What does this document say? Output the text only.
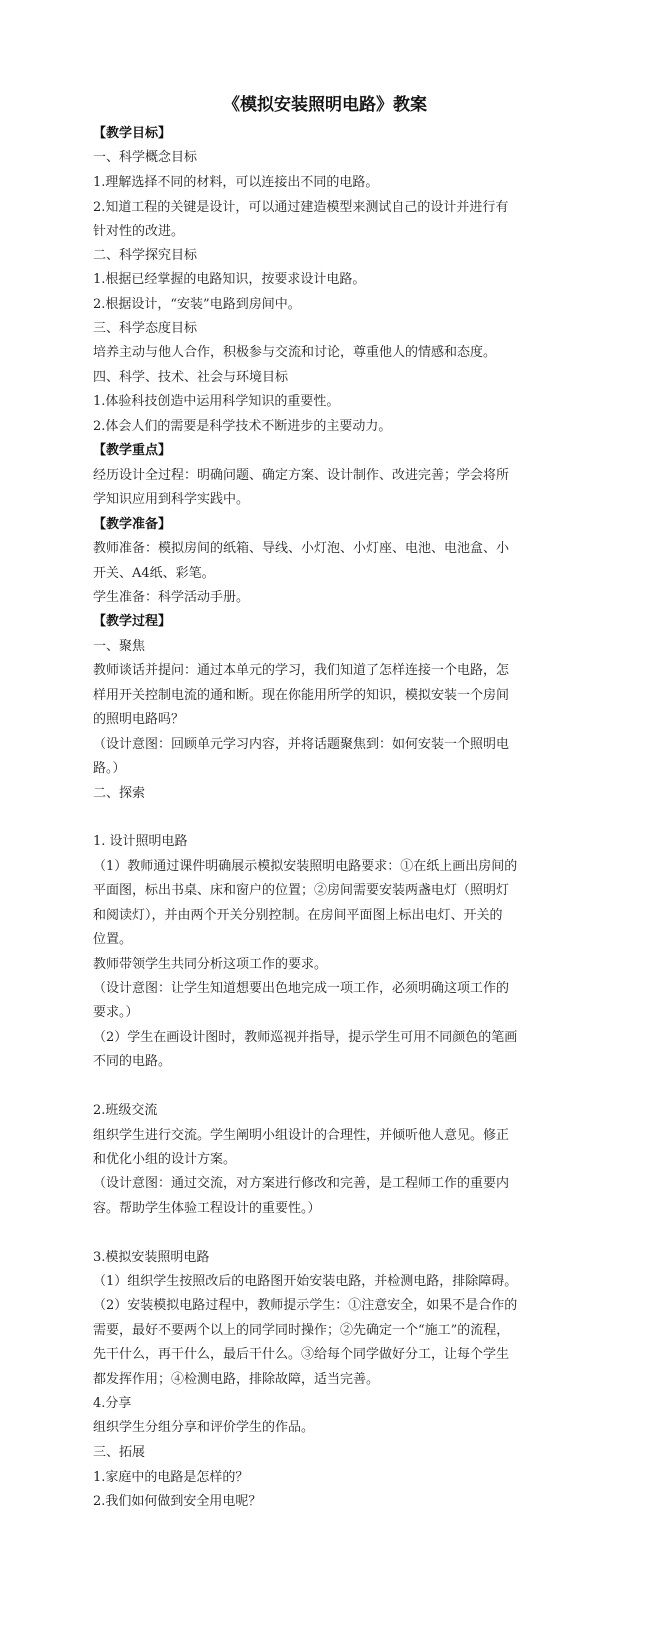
《模拟安装照明电路》教案
【教学目标】
一、科学概念目标
1.理解选择不同的材料，可以连接出不同的电路。
2.知道工程的关键是设计，可以通过建造模型来测试自己的设计并进行有
针对性的改进。
二、科学探究目标
1.根据已经掌握的电路知识，按要求设计电路。
2.根据设计，“安装”电路到房间中。
三、科学态度目标
培养主动与他人合作，积极参与交流和讨论，尊重他人的情感和态度。
四、科学、技术、社会与环境目标
1.体验科技创造中运用科学知识的重要性。
2.体会人们的需要是科学技术不断进步的主要动力。
【教学重点】
经历设计全过程：明确问题、确定方案、设计制作、改进完善；学会将所
学知识应用到科学实践中。
【教学准备】
教师准备：模拟房间的纸箱、导线、小灯泡、小灯座、电池、电池盒、小
开关、A4纸、彩笔。
学生准备：科学活动手册。
【教学过程】
一、聚焦
教师谈话并提问：通过本单元的学习，我们知道了怎样连接一个电路，怎
样用开关控制电流的通和断。现在你能用所学的知识，模拟安装一个房间
的照明电路吗？
（设计意图：回顾单元学习内容，并将话题聚焦到：如何安装一个照明电
路。）
二、探索
1. 设计照明电路
（1）教师通过课件明确展示模拟安装照明电路要求：①在纸上画出房间的
平面图，标出书桌、床和窗户的位置；②房间需要安装两盏电灯（照明灯
和阅读灯），并由两个开关分别控制。在房间平面图上标出电灯、开关的
位置。
教师带领学生共同分析这项工作的要求。
（设计意图：让学生知道想要出色地完成一项工作，必须明确这项工作的
要求。）
（2）学生在画设计图时，教师巡视并指导，提示学生可用不同颜色的笔画
不同的电路。
2.班级交流
组织学生进行交流。学生阐明小组设计的合理性，并倾听他人意见。修正
和优化小组的设计方案。
（设计意图：通过交流，对方案进行修改和完善，是工程师工作的重要内
容。帮助学生体验工程设计的重要性。）
3.模拟安装照明电路
（1）组织学生按照改后的电路图开始安装电路，并检测电路，排除障碍。
（2）安装模拟电路过程中，教师提示学生：①注意安全，如果不是合作的
需要，最好不要两个以上的同学同时操作；②先确定一个“施工”的流程，
先干什么，再干什么，最后干什么。③给每个同学做好分工，让每个学生
都发挥作用；④检测电路，排除故障，适当完善。
4.分享
组织学生分组分享和评价学生的作品。
三、拓展
1.家庭中的电路是怎样的？
2.我们如何做到安全用电呢？
